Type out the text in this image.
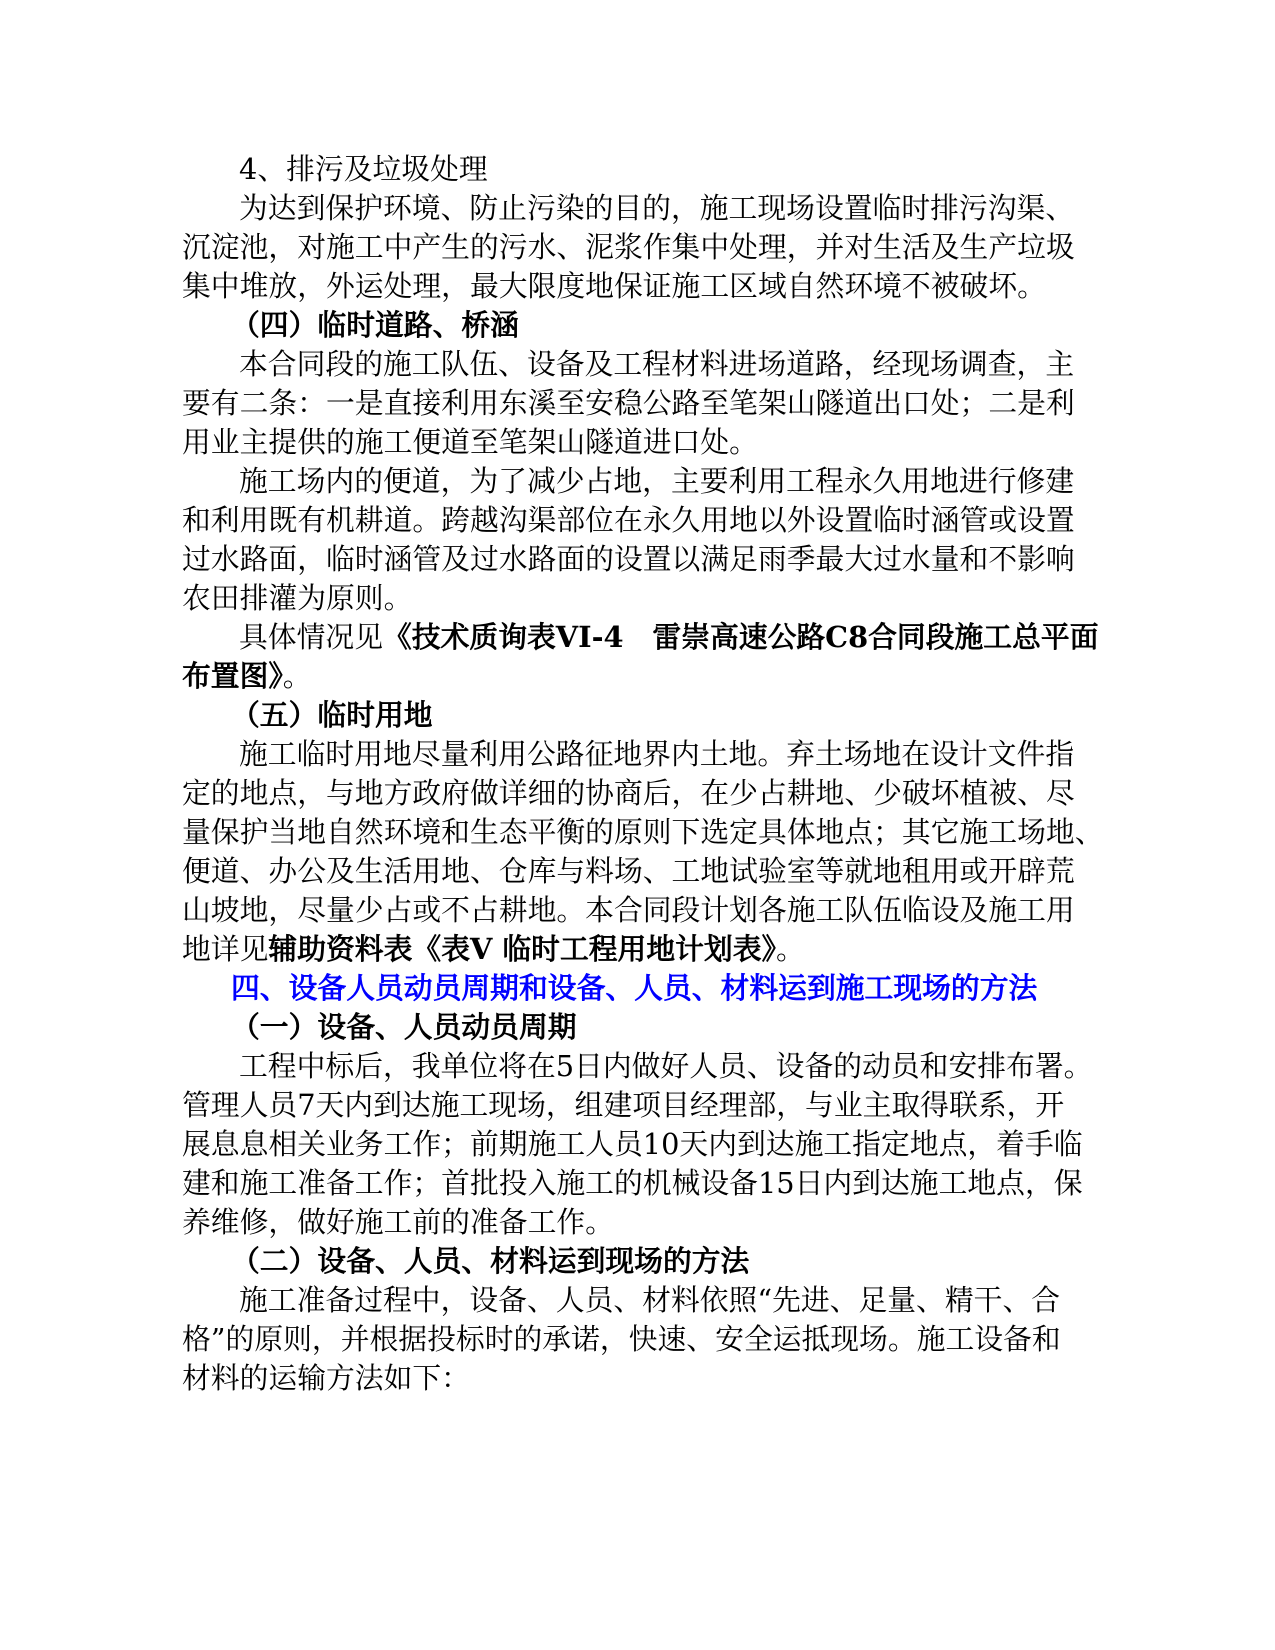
4、排污及垃圾处理
为达到保护环境、防止污染的目的，施工现场设置临时排污沟渠、
沉淀池，对施工中产生的污水、泥浆作集中处理，并对生活及生产垃圾
集中堆放，外运处理，最大限度地保证施工区域自然环境不被破坏。
（四）临时道路、桥涵
本合同段的施工队伍、设备及工程材料进场道路，经现场调查，主
要有二条：一是直接利用东溪至安稳公路至笔架山隧道出口处；二是利
用业主提供的施工便道至笔架山隧道进口处。
施工场内的便道，为了减少占地，主要利用工程永久用地进行修建
和利用既有机耕道。跨越沟渠部位在永久用地以外设置临时涵管或设置
过水路面，临时涵管及过水路面的设置以满足雨季最大过水量和不影响
农田排灌为原则。
具体情况见《技术质询表VI-4　雷崇高速公路C8合同段施工总平面
布置图》。
（五）临时用地
施工临时用地尽量利用公路征地界内土地。弃土场地在设计文件指
定的地点，与地方政府做详细的协商后，在少占耕地、少破坏植被、尽
量保护当地自然环境和生态平衡的原则下选定具体地点；其它施工场地、
便道、办公及生活用地、仓库与料场、工地试验室等就地租用或开辟荒
山坡地，尽量少占或不占耕地。本合同段计划各施工队伍临设及施工用
地详见辅助资料表《表V 临时工程用地计划表》。
四、设备人员动员周期和设备、人员、材料运到施工现场的方法
（一）设备、人员动员周期
工程中标后，我单位将在5日内做好人员、设备的动员和安排布署。
管理人员7天内到达施工现场，组建项目经理部，与业主取得联系，开
展息息相关业务工作；前期施工人员10天内到达施工指定地点，着手临
建和施工准备工作；首批投入施工的机械设备15日内到达施工地点，保
养维修，做好施工前的准备工作。
（二）设备、人员、材料运到现场的方法
施工准备过程中，设备、人员、材料依照“先进、足量、精干、合
格”的原则，并根据投标时的承诺，快速、安全运抵现场。施工设备和
材料的运输方法如下：
